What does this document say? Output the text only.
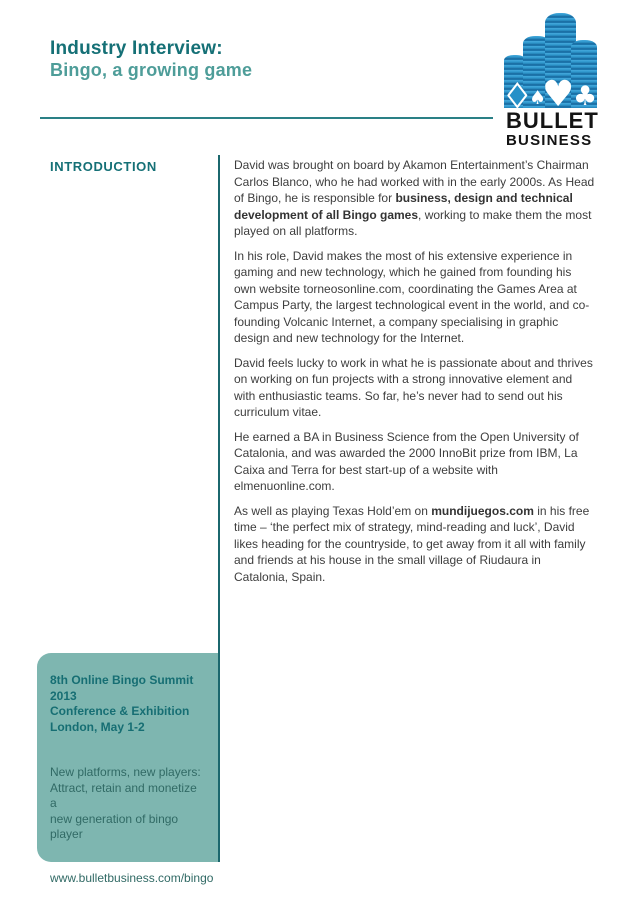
Industry Interview:
Bingo, a growing game
♦
♠
♥
♣
BULLET
BUSINESS
INTRODUCTION	David was brought on board by Akamon Entertainment’s Chairman Carlos Blanco, who he had worked with in the early 2000s. As Head of Bingo, he is responsible for business, design and technical development of all Bingo games, working to make them the most played on all platforms.

In his role, David makes the most of his extensive experience in gaming and new technology, which he gained from founding his own website torneosonline.com, coordinating the Games Area at Campus Party, the largest technological event in the world, and co-founding Volcanic Internet, a company specialising in graphic design and new technology for the Internet.

David feels lucky to work in what he is passionate about and thrives on working on fun projects with a strong innovative element and with enthusiastic teams. So far, he’s never had to send out his curriculum vitae.

He earned a BA in Business Science from the Open University of Catalonia, and was awarded the 2000 InnoBit prize from IBM, La Caixa and Terra for best start-up of a website with elmenuonline.com.

As well as playing Texas Hold’em on mundijuegos.com in his free time – ‘the perfect mix of strategy, mind-reading and luck’, David likes heading for the countryside, to get away from it all with family and friends at his house in the small village of Riudaura in Catalonia, Spain.

8th Online Bingo Summit 2013
Conference & Exhibition
London, May 1-2
New platforms, new players:
Attract, retain and monetize a
new generation of bingo player
www.bulletbusiness.com/bingo
